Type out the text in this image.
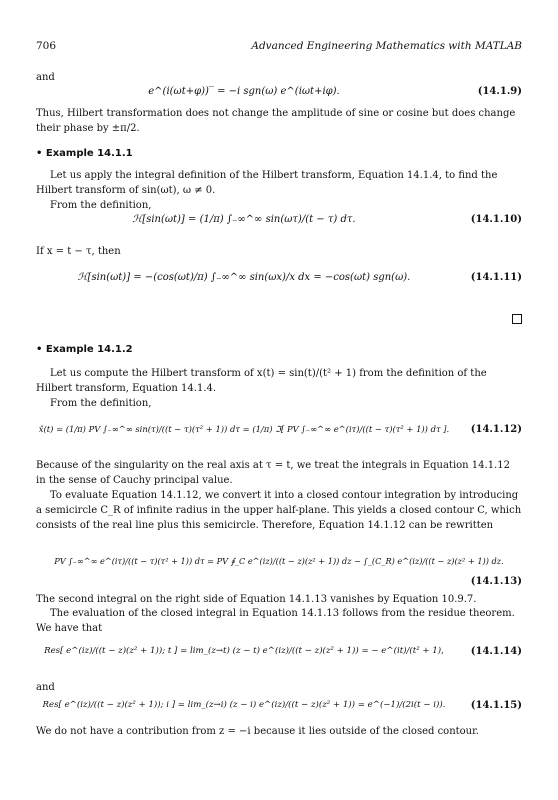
706	Advanced Engineering Mathematics with MATLAB
and
e^(i(ωt+φ))‾ = −i sgn(ω) e^(iωt+iφ).	(14.1.9)
Thus, Hilbert transformation does not change the amplitude of sine or cosine but does change their phase by ±π/2.
• Example 14.1.1
Let us apply the integral definition of the Hilbert transform, Equation 14.1.4, to find the Hilbert transform of sin(ωt), ω ≠ 0.
From the definition,
ℋ[sin(ωt)] = (1/π) ∫₋∞^∞ sin(ωτ)/(t − τ) dτ.	(14.1.10)
If x = t − τ, then
ℋ[sin(ωt)] = −(cos(ωt)/π) ∫₋∞^∞ sin(ωx)/x dx = −cos(ωt) sgn(ω).	(14.1.11)
• Example 14.1.2
Let us compute the Hilbert transform of x(t) = sin(t)/(t² + 1) from the definition of the Hilbert transform, Equation 14.1.4.
From the definition,
x̂(t) = (1/π) PV ∫₋∞^∞ sin(τ)/((t − τ)(τ² + 1)) dτ = (1/π) ℑ[ PV ∫₋∞^∞ e^(iτ)/((t − τ)(τ² + 1)) dτ ]. (14.1.12)
Because of the singularity on the real axis at τ = t, we treat the integrals in Equation 14.1.12 in the sense of Cauchy principal value.
To evaluate Equation 14.1.12, we convert it into a closed contour integration by introducing a semicircle C_R of infinite radius in the upper half-plane. This yields a closed contour C, which consists of the real line plus this semicircle. Therefore, Equation 14.1.12 can be rewritten
PV ∫₋∞^∞ e^(iτ)/((t − τ)(τ² + 1)) dτ = PV ∮_C e^(iz)/((t − z)(z² + 1)) dz − ∫_(C_R) e^(iz)/((t − z)(z² + 1)) dz.
(14.1.13)
The second integral on the right side of Equation 14.1.13 vanishes by Equation 10.9.7.
The evaluation of the closed integral in Equation 14.1.13 follows from the residue theorem. We have that
Res[ e^(iz)/((t − z)(z² + 1)); t ] = lim_(z→t) (z − t) e^(iz)/((t − z)(z² + 1)) = − e^(it)/(t² + 1),	(14.1.14)
and
Res[ e^(iz)/((t − z)(z² + 1)); i ] = lim_(z→i) (z − i) e^(iz)/((t − z)(z² + 1)) = e^(−1)/(2i(t − i)).	(14.1.15)
We do not have a contribution from z = −i because it lies outside of the closed contour.
